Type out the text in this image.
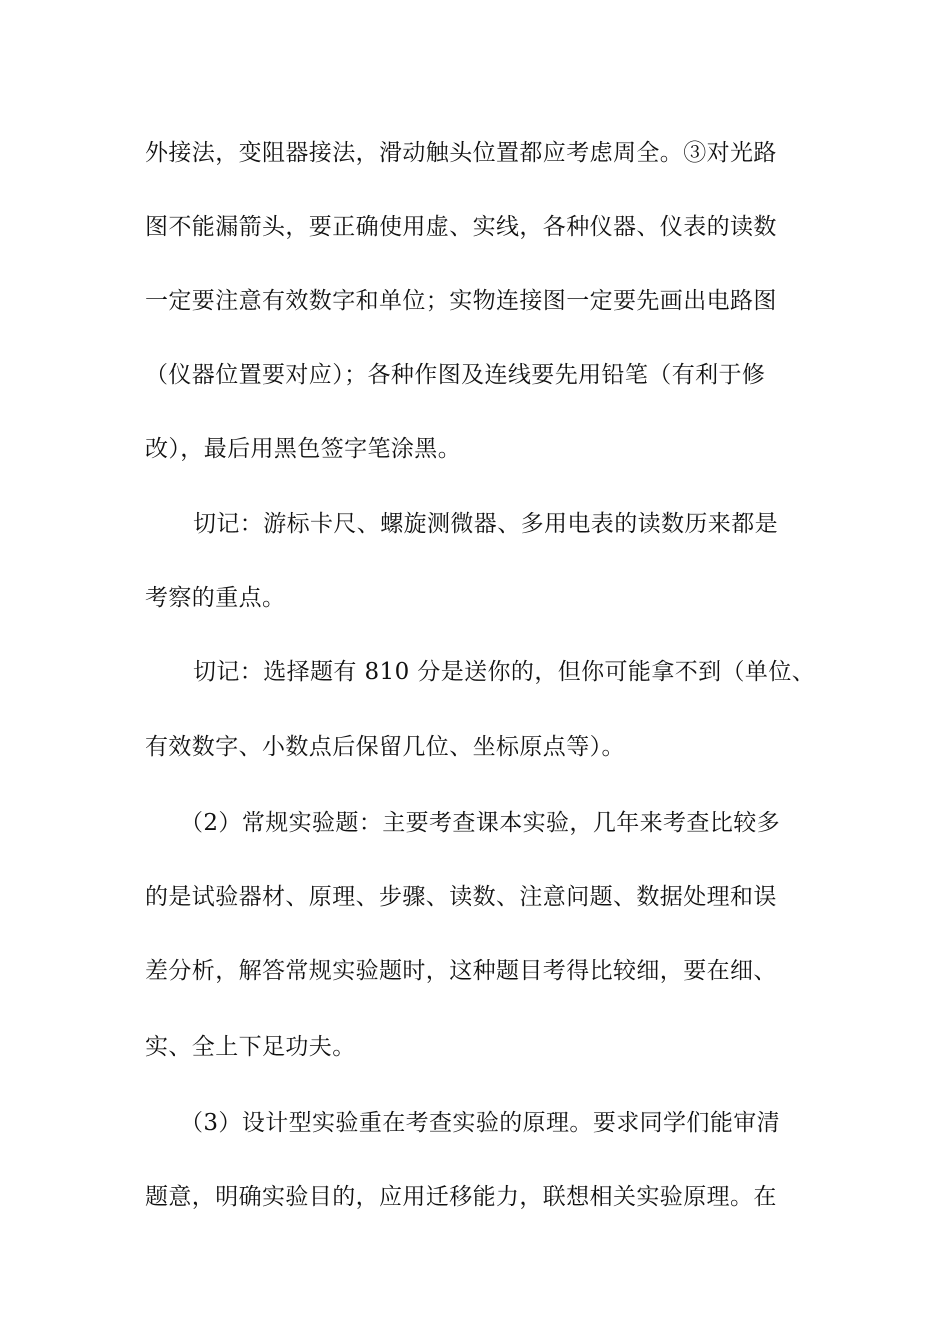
外接法，变阻器接法，滑动触头位置都应考虑周全。③对光路
图不能漏箭头，要正确使用虚、实线，各种仪器、仪表的读数
一定要注意有效数字和单位；实物连接图一定要先画出电路图
（仪器位置要对应）；各种作图及连线要先用铅笔（有利于修
改），最后用黑色签字笔涂黑。
切记：游标卡尺、螺旋测微器、多用电表的读数历来都是
考察的重点。
切记：选择题有 810 分是送你的，但你可能拿不到（单位、
有效数字、小数点后保留几位、坐标原点等）。
（2）常规实验题：主要考查课本实验，几年来考查比较多
的是试验器材、原理、步骤、读数、注意问题、数据处理和误
差分析，解答常规实验题时，这种题目考得比较细，要在细、
实、全上下足功夫。
（3）设计型实验重在考查实验的原理。要求同学们能审清
题意，明确实验目的，应用迁移能力，联想相关实验原理。在
